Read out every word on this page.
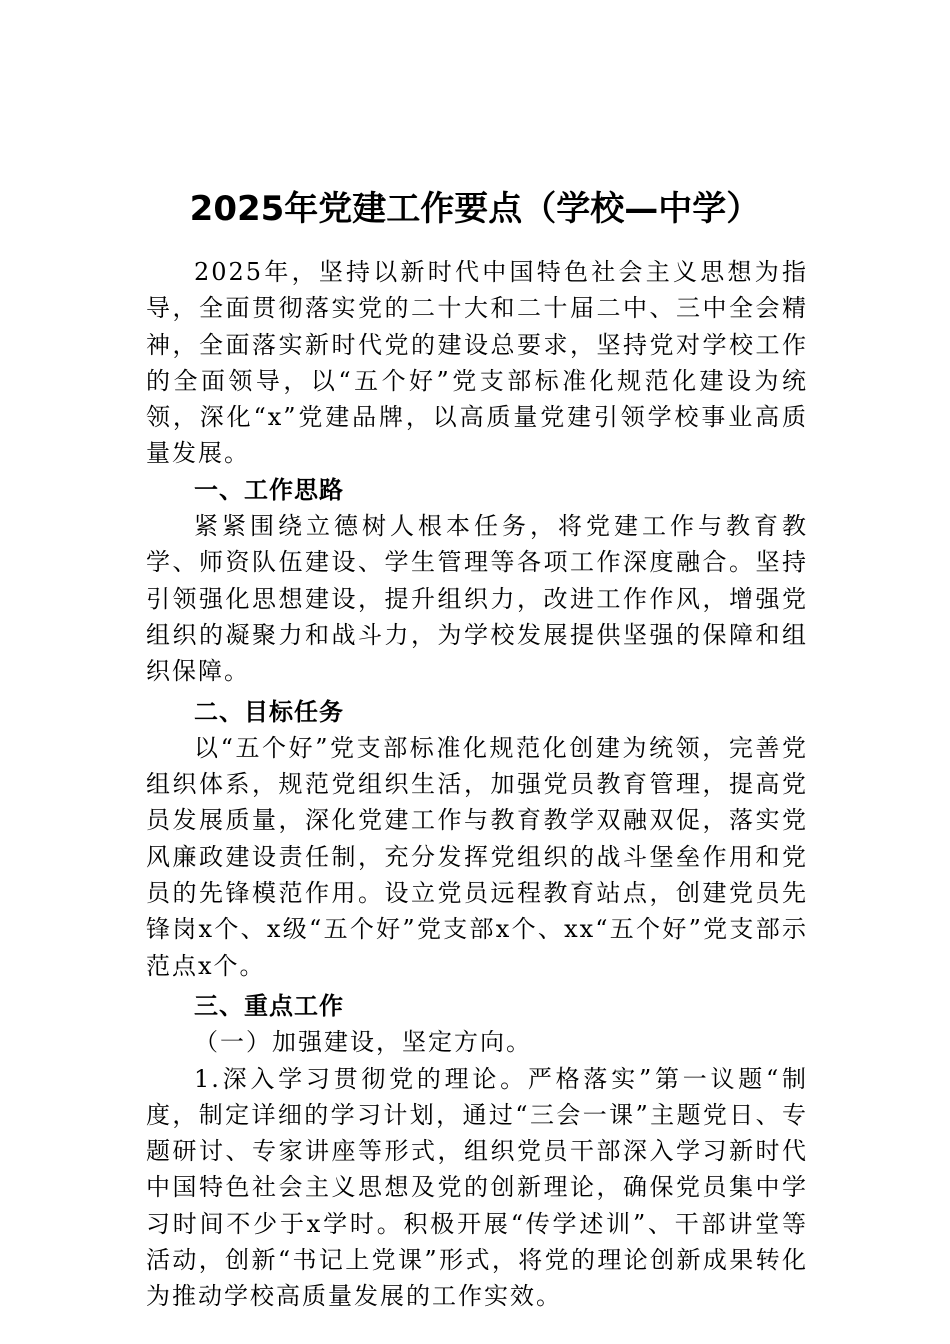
2025年党建工作要点（学校—中学）

2025年，坚持以新时代中国特色社会主义思想为指导，全面贯彻落实党的二十大和二十届二中、三中全会精神，全面落实新时代党的建设总要求，坚持党对学校工作的全面领导，以“五个好”党支部标准化规范化建设为统领，深化“x”党建品牌，以高质量党建引领学校事业高质量发展。

一、工作思路

紧紧围绕立德树人根本任务，将党建工作与教育教学、师资队伍建设、学生管理等各项工作深度融合。坚持引领强化思想建设，提升组织力，改进工作作风，增强党组织的凝聚力和战斗力，为学校发展提供坚强的保障和组织保障。

二、目标任务

以“五个好”党支部标准化规范化创建为统领，完善党组织体系，规范党组织生活，加强党员教育管理，提高党员发展质量，深化党建工作与教育教学双融双促，落实党风廉政建设责任制，充分发挥党组织的战斗堡垒作用和党员的先锋模范作用。设立党员远程教育站点，创建党员先锋岗x个、x级“五个好”党支部x个、xx“五个好”党支部示范点x个。

三、重点工作

（一）加强建设，坚定方向。

1.深入学习贯彻党的理论。严格落实”第一议题“制度，制定详细的学习计划，通过“三会一课”主题党日、专题研讨、专家讲座等形式，组织党员干部深入学习新时代中国特色社会主义思想及党的创新理论，确保党员集中学习时间不少于x学时。积极开展“传学述训”、干部讲堂等活动，创新“书记上党课”形式，将党的理论创新成果转化为推动学校高质量发展的工作实效。
